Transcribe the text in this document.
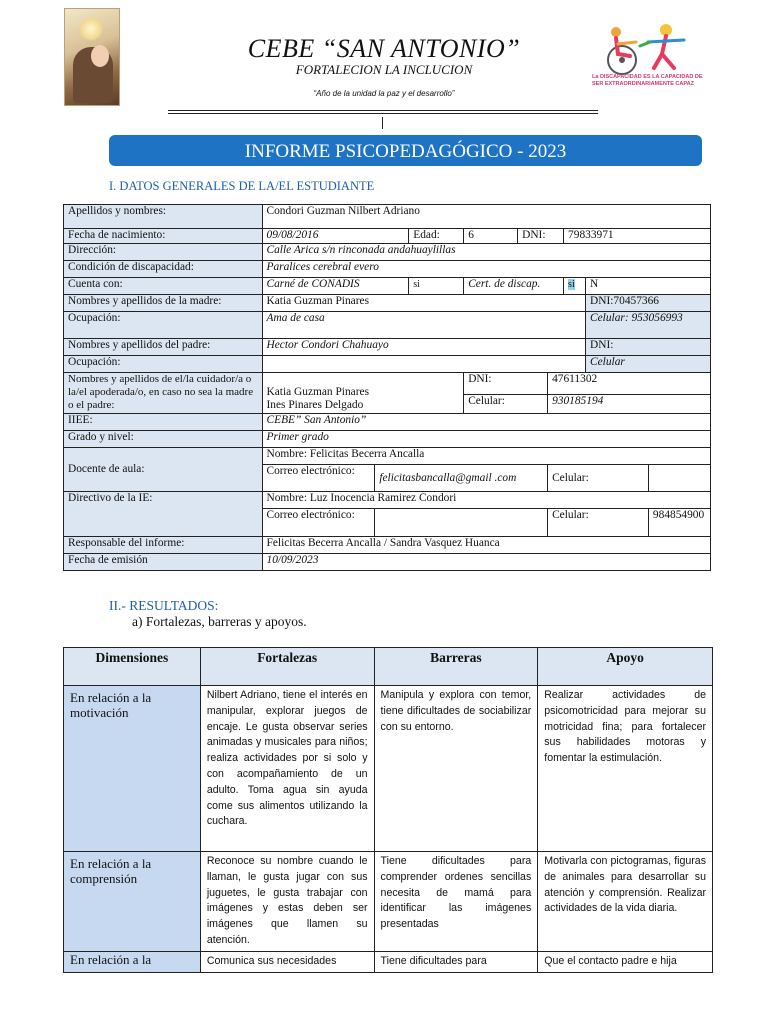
CEBE “SAN ANTONIO”
FORTALECION LA INCLUCION
“Año de la unidad la paz y el desarrollo”
La DISCAPACIDAD ES LA CAPACIDAD DE SER EXTRAORDINARIAMENTE CAPAZ
INFORME PSICOPEDAGÓGICO - 2023
I. DATOS GENERALES DE LA/EL ESTUDIANTE
Apellidos y nombres:	Condori Guzman Nilbert Adriano								
Fecha de nacimiento:	09/08/2016		Edad:	6	DNI:		79833971		
Dirección:	Calle Arica s/n rinconada andahuaylillas								
Condición de discapacidad:	Paralices cerebral evero								
Cuenta con:	Carné de CONADIS		si	Cert. de discap.			si	N	
Nombres y apellidos de la madre:	Katia Guzman Pinares							DNI:70457366	
Ocupación:	Ama de casa							Celular: 953056993	
Nombres y apellidos del padre:	Hector Condori Chahuayo							DNI:	
Ocupación:								Celular	
Nombres y apellidos de el/la cuidador/a o la/el apoderada/o, en caso no sea la madre o el padre:	Katia Guzman Pinares
Ines Pinares Delgado			DNI:		47611302			
				Celular:		930185194			
IIEE:	CEBE” San Antonio”								
Grado y nivel:	Primer grado								
Docente de aula:	Nombre: Felicitas Becerra Ancalla								
	Correo electrónico:	felicitasbancalla@gmail .com				Celular:			
Directivo de la IE:	Nombre: Luz Inocencia Ramirez Condori								
	Correo electrónico:					Celular:			984854900
Responsable del informe:	Felicitas Becerra Ancalla / Sandra Vasquez Huanca								
Fecha de emisión	10/09/2023								
II.- RESULTADOS:
a) Fortalezas, barreras y apoyos.
Dimensiones	Fortalezas	Barreras	Apoyo
En relación a la motivación	Nilbert Adriano, tiene el interés en manipular, explorar juegos de encaje. Le gusta observar series animadas y musicales para niños; realiza actividades por si solo y con acompañamiento de un adulto. Toma agua sin ayuda come sus alimentos utilizando la cuchara.	Manipula y explora con temor, tiene dificultades de sociabilizar con su entorno.	Realizar actividades de psicomotricidad para mejorar su motricidad fina; para fortalecer sus habilidades motoras y fomentar la estimulación.
En relación a la comprensión	Reconoce su nombre cuando le llaman, le gusta jugar con sus juguetes, le gusta trabajar con imágenes y estas deben ser imágenes que llamen su atención.	Tiene dificultades para comprender ordenes sencillas necesita de mamá para identificar las imágenes presentadas	Motivarla con pictogramas, figuras de animales para desarrollar su atención y comprensión. Realizar actividades de la vida diaria.
En relación a la	Comunica sus necesidades	Tiene dificultades para	Que el contacto padre e hija
